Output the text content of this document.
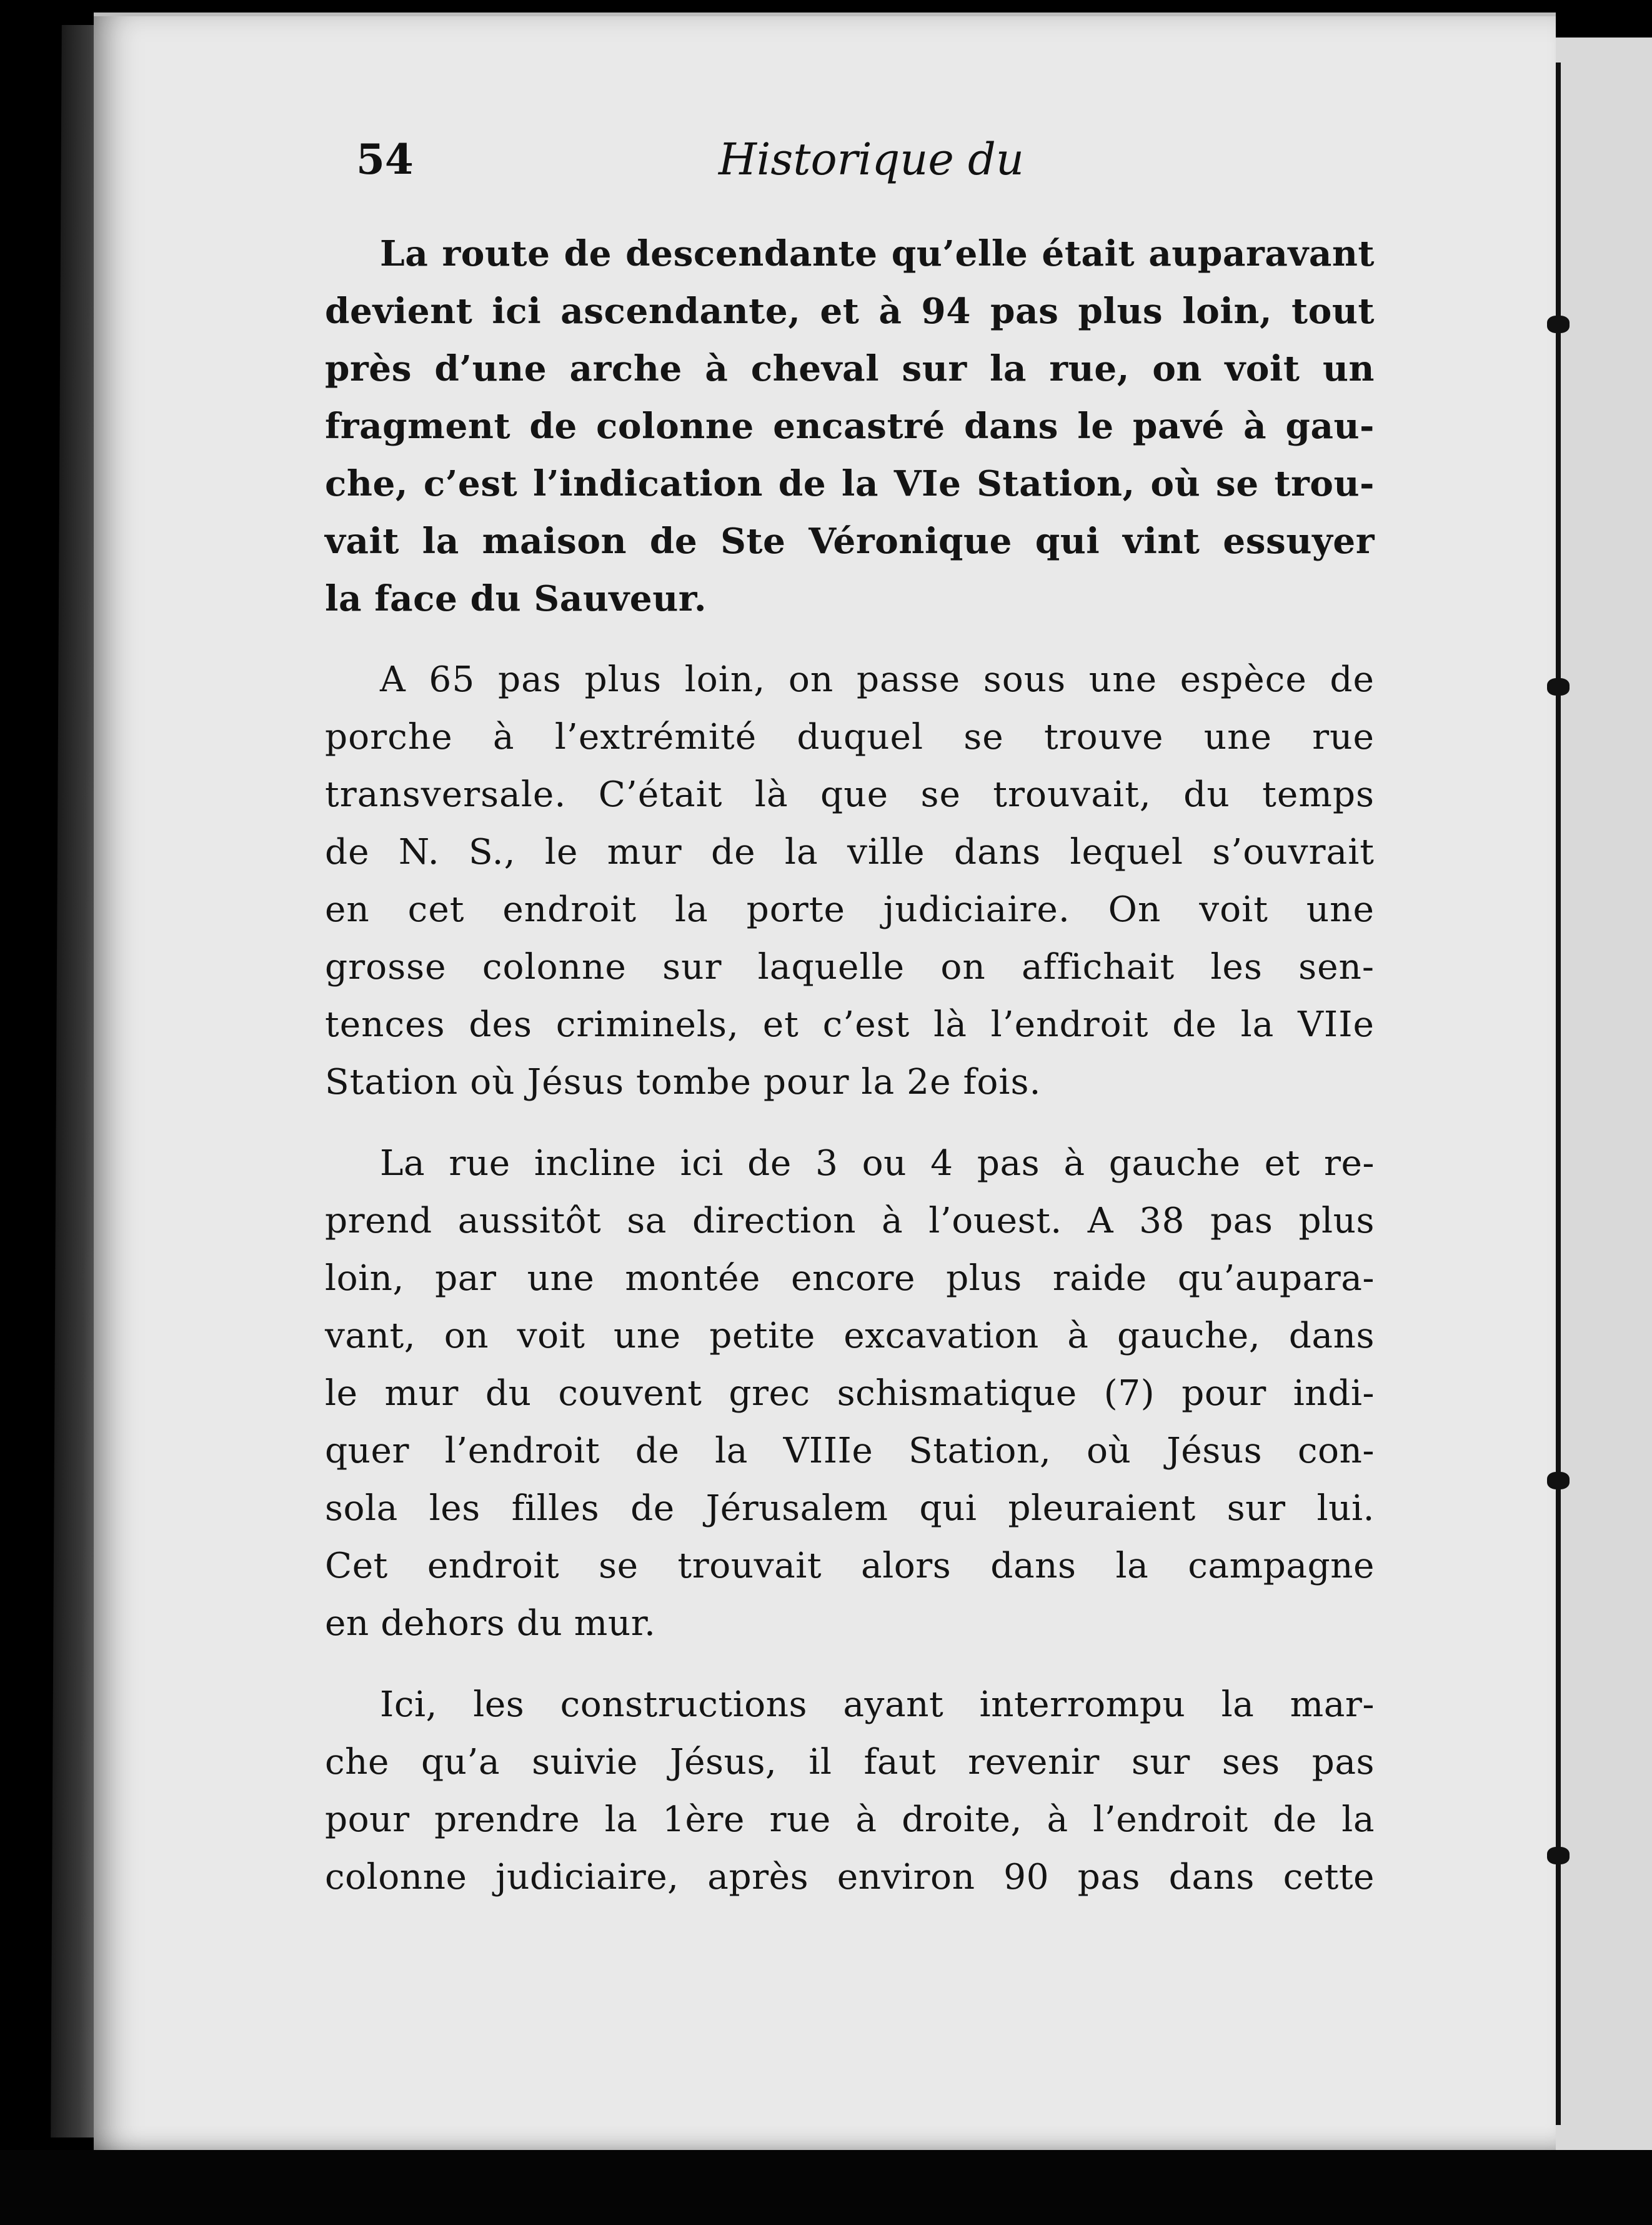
54	Historique du

La route de descendante qu’elle était auparavant
devient ici ascendante, et à 94 pas plus loin, tout
près d’une arche à cheval sur la rue, on voit un
fragment de colonne encastré dans le pavé à gau-
che, c’est l’indication de la VIe Station, où se trou-
vait la maison de Ste Véronique qui vint essuyer
la face du Sauveur.

A 65 pas plus loin, on passe sous une espèce de
porche à l’extrémité duquel se trouve une rue
transversale. C’était là que se trouvait, du temps
de N. S., le mur de la ville dans lequel s’ouvrait
en cet endroit la porte judiciaire. On voit une
grosse colonne sur laquelle on affichait les sen-
tences des criminels, et c’est là l’endroit de la VIIe
Station où Jésus tombe pour la 2e fois.

La rue incline ici de 3 ou 4 pas à gauche et re-
prend aussitôt sa direction à l’ouest. A 38 pas plus
loin, par une montée encore plus raide qu’aupara-
vant, on voit une petite excavation à gauche, dans
le mur du couvent grec schismatique (7) pour indi-
quer l’endroit de la VIIIe Station, où Jésus con-
sola les filles de Jérusalem qui pleuraient sur lui.
Cet endroit se trouvait alors dans la campagne
en dehors du mur.

Ici, les constructions ayant interrompu la mar-
che qu’a suivie Jésus, il faut revenir sur ses pas
pour prendre la 1ère rue à droite, à l’endroit de la
colonne judiciaire, après environ 90 pas dans cette
